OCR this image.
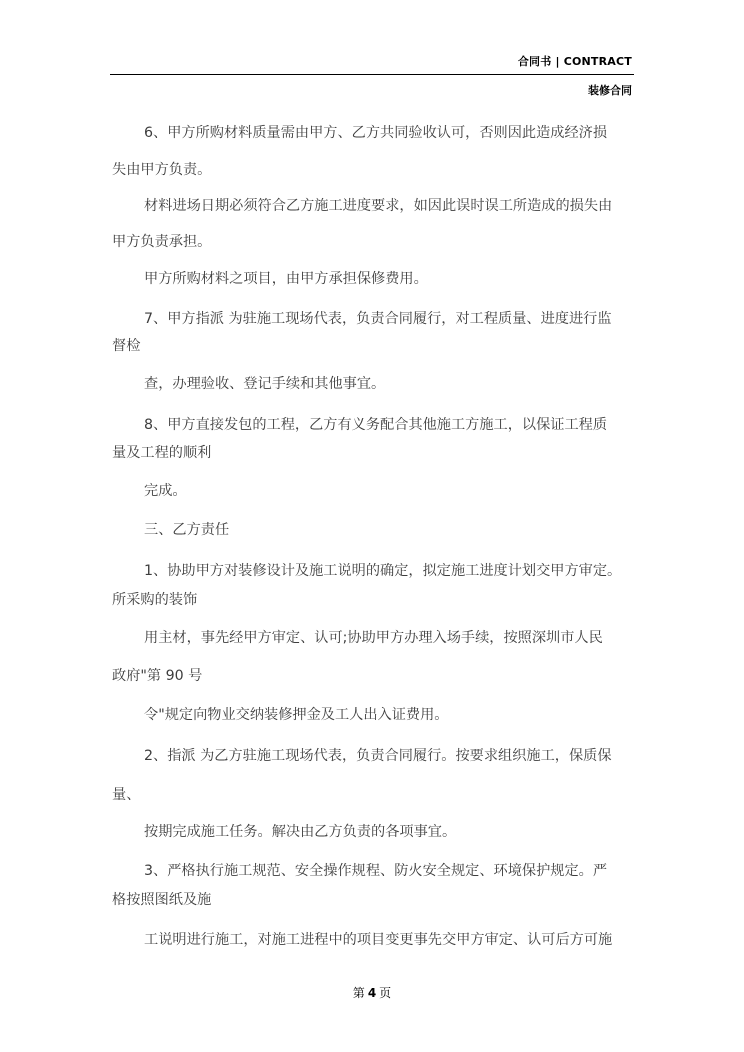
合同书 | CONTRACT
装修合同
6、甲方所购材料质量需由甲方、乙方共同验收认可，否则因此造成经济损
失由甲方负责。
材料进场日期必须符合乙方施工进度要求，如因此误时误工所造成的损失由
甲方负责承担。
甲方所购材料之项目，由甲方承担保修费用。
7、甲方指派 为驻施工现场代表，负责合同履行，对工程质量、进度进行监
督检
查，办理验收、登记手续和其他事宜。
8、甲方直接发包的工程，乙方有义务配合其他施工方施工，以保证工程质
量及工程的顺利
完成。
三、乙方责任
1、协助甲方对装修设计及施工说明的确定，拟定施工进度计划交甲方审定。
所采购的装饰
用主材，事先经甲方审定、认可;协助甲方办理入场手续，按照深圳市人民
政府"第 90 号
令"规定向物业交纳装修押金及工人出入证费用。
2、指派 为乙方驻施工现场代表，负责合同履行。按要求组织施工，保质保
量、
按期完成施工任务。解决由乙方负责的各项事宜。
3、严格执行施工规范、安全操作规程、防火安全规定、环境保护规定。严
格按照图纸及施
工说明进行施工，对施工进程中的项目变更事先交甲方审定、认可后方可施
第 4 页
